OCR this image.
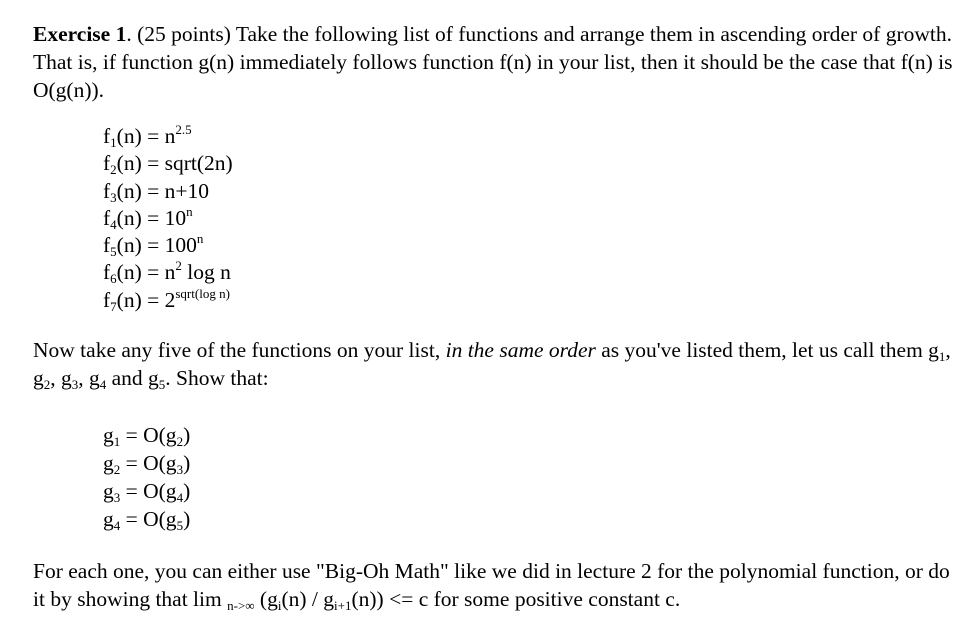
Exercise 1. (25 points) Take the following list of functions and arrange them in ascending order of growth. That is, if function g(n) immediately follows function f(n) in your list, then it should be the case that f(n) is O(g(n)).

$f_1(n) = n^{2.5}$
$f_2(n)$ = sqrt(2n)
$f_3(n) = n+10$
$f_4(n) = 10^n$
$f_5(n) = 100^n$
$f_6(n) = n^2$ log n
$f_7(n) = 2^{sqrt(log n)}$

Now take any five of the functions on your list, in the same order as you've listed them, let us call them $g_1$, $g_2$, $g_3$, $g_4$ and $g_5$. Show that:

$g_1 = O(g_2)$
$g_2 = O(g_3)$
$g_3 = O(g_4)$
$g_4 = O(g_5)$

For each one, you can either use "Big-Oh Math" like we did in lecture 2 for the polynomial function, or do it by showing that lim $_{n->\infty}$ $(g_i(n) / g_{i+1}(n)) <= c$ for some positive constant c.
